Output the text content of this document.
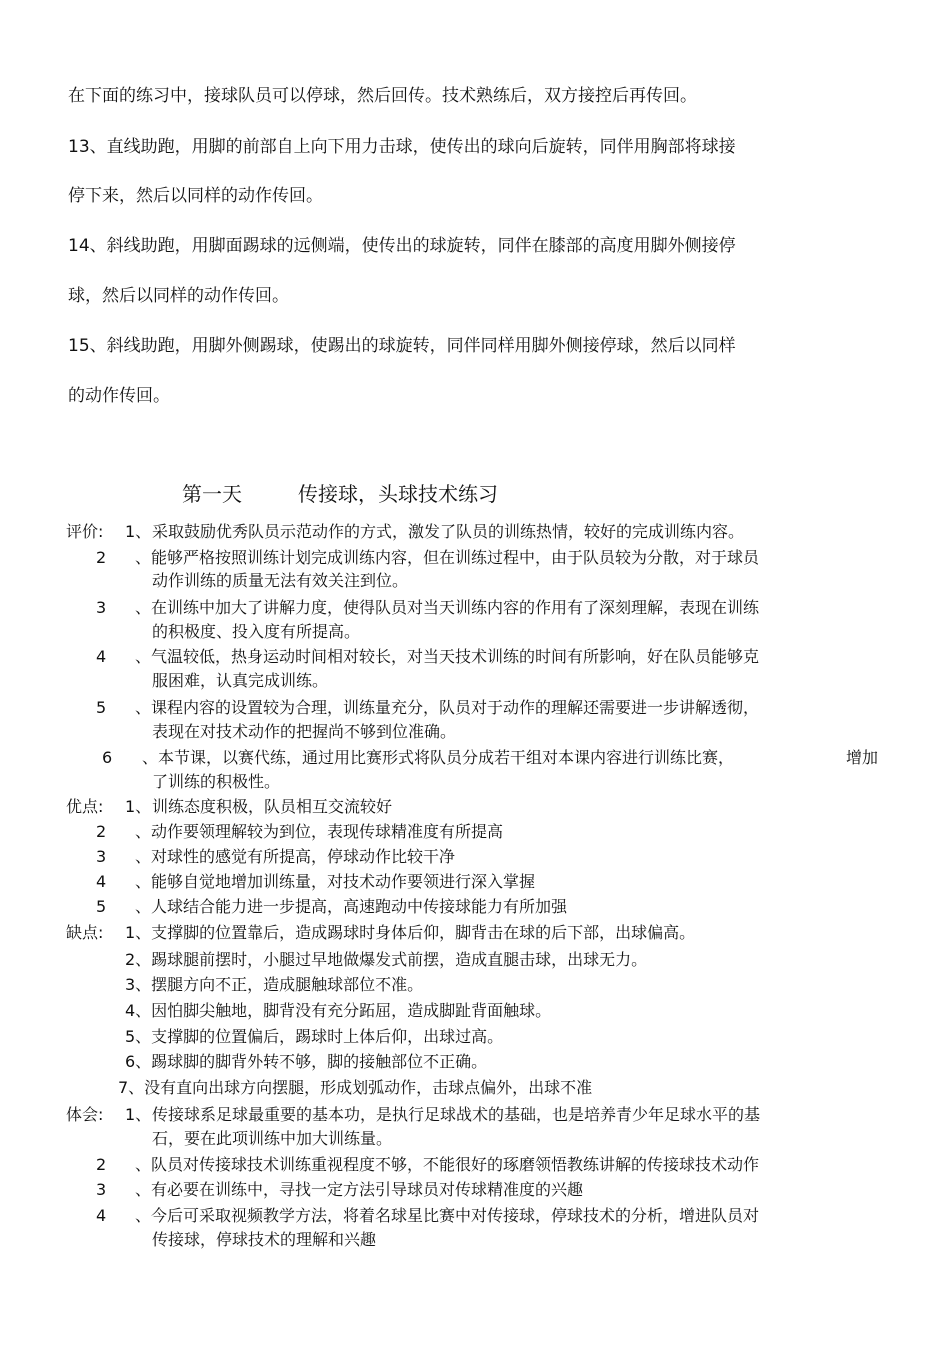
在下面的练习中，接球队员可以停球，然后回传。技术熟练后，双方接控后再传回。
13、直线助跑，用脚的前部自上向下用力击球，使传出的球向后旋转，同伴用胸部将球接
停下来，然后以同样的动作传回。
14、斜线助跑，用脚面踢球的远侧端，使传出的球旋转，同伴在膝部的高度用脚外侧接停
球，然后以同样的动作传回。
15、斜线助跑，用脚外侧踢球，使踢出的球旋转，同伴同样用脚外侧接停球，然后以同样
的动作传回。
第一天	传接球，头球技术练习
评价: 1、 采取鼓励优秀队员示范动作的方式，激发了队员的训练热情，较好的完成训练内容。
2 、能够严格按照训练计划完成训练内容，但在训练过程中，由于队员较为分散，对于球员
动作训练的质量无法有效关注到位。
3 、在训练中加大了讲解力度，使得队员对当天训练内容的作用有了深刻理解，表现在训练
的积极度、投入度有所提高。
4 、气温较低，热身运动时间相对较长，对当天技术训练的时间有所影响，好在队员能够克
服困难，认真完成训练。
5 、课程内容的设置较为合理，训练量充分，队员对于动作的理解还需要进一步讲解透彻，
表现在对技术动作的把握尚不够到位准确。
6 、本节课，以赛代练，通过用比赛形式将队员分成若干组对本课内容进行训练比赛，	增加
了训练的积极性。
优点: 1、 训练态度积极，队员相互交流较好
2 、动作要领理解较为到位，表现传球精准度有所提高
3 、对球性的感觉有所提高，停球动作比较干净
4 、能够自觉地增加训练量，对技术动作要领进行深入掌握
5 、人球结合能力进一步提高，高速跑动中传接球能力有所加强
缺点: 1、支撑脚的位置靠后，造成踢球时身体后仰，脚背击在球的后下部，出球偏高。
2、踢球腿前摆时，小腿过早地做爆发式前摆，造成直腿击球，出球无力。
3、摆腿方向不正，造成腿触球部位不准。
4、因怕脚尖触地，脚背没有充分跖屈，造成脚趾背面触球。
5、支撑脚的位置偏后，踢球时上体后仰，出球过高。
6、踢球脚的脚背外转不够，脚的接触部位不正确。
7、没有直向出球方向摆腿，形成划弧动作，击球点偏外，出球不准
体会: 1、 传接球系足球最重要的基本功，是执行足球战术的基础，也是培养青少年足球水平的基
石，要在此项训练中加大训练量。
2 、队员对传接球技术训练重视程度不够，不能很好的琢磨领悟教练讲解的传接球技术动作
3 、有必要在训练中，寻找一定方法引导球员对传球精准度的兴趣
4 、今后可采取视频教学方法，将着名球星比赛中对传接球，停球技术的分析，增进队员对
传接球，停球技术的理解和兴趣
